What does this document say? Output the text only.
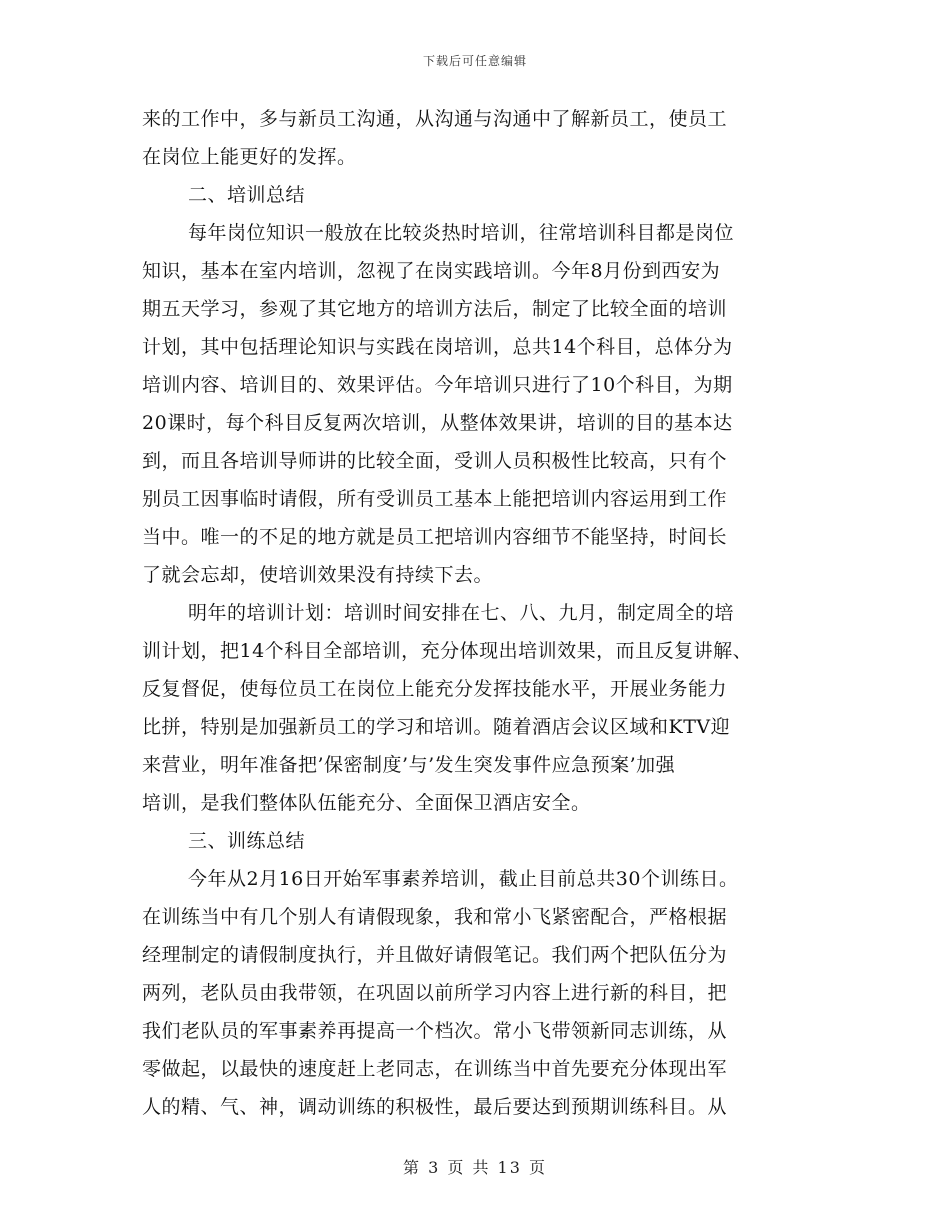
下载后可任意编辑
来的工作中，多与新员工沟通，从沟通与沟通中了解新员工，使员工
在岗位上能更好的发挥。
二、培训总结
每年岗位知识一般放在比较炎热时培训，往常培训科目都是岗位
知识，基本在室内培训，忽视了在岗实践培训。今年8月份到西安为
期五天学习，参观了其它地方的培训方法后，制定了比较全面的培训
计划，其中包括理论知识与实践在岗培训，总共14个科目，总体分为
培训内容、培训目的、效果评估。今年培训只进行了10个科目，为期
20课时，每个科目反复两次培训，从整体效果讲，培训的目的基本达
到，而且各培训导师讲的比较全面，受训人员积极性比较高，只有个
别员工因事临时请假，所有受训员工基本上能把培训内容运用到工作
当中。唯一的不足的地方就是员工把培训内容细节不能坚持，时间长
了就会忘却，使培训效果没有持续下去。
明年的培训计划：培训时间安排在七、八、九月，制定周全的培
训计划，把14个科目全部培训，充分体现出培训效果，而且反复讲解、
反复督促，使每位员工在岗位上能充分发挥技能水平，开展业务能力
比拼，特别是加强新员工的学习和培训。随着酒店会议区域和KTV迎
来营业，明年准备把’保密制度’与’发生突发事件应急预案’加强
培训，是我们整体队伍能充分、全面保卫酒店安全。
三、训练总结
今年从2月16日开始军事素养培训，截止目前总共30个训练日。
在训练当中有几个别人有请假现象，我和常小飞紧密配合，严格根据
经理制定的请假制度执行，并且做好请假笔记。我们两个把队伍分为
两列，老队员由我带领，在巩固以前所学习内容上进行新的科目，把
我们老队员的军事素养再提高一个档次。常小飞带领新同志训练，从
零做起，以最快的速度赶上老同志，在训练当中首先要充分体现出军
人的精、气、神，调动训练的积极性，最后要达到预期训练科目。从
第 3 页 共 13 页
